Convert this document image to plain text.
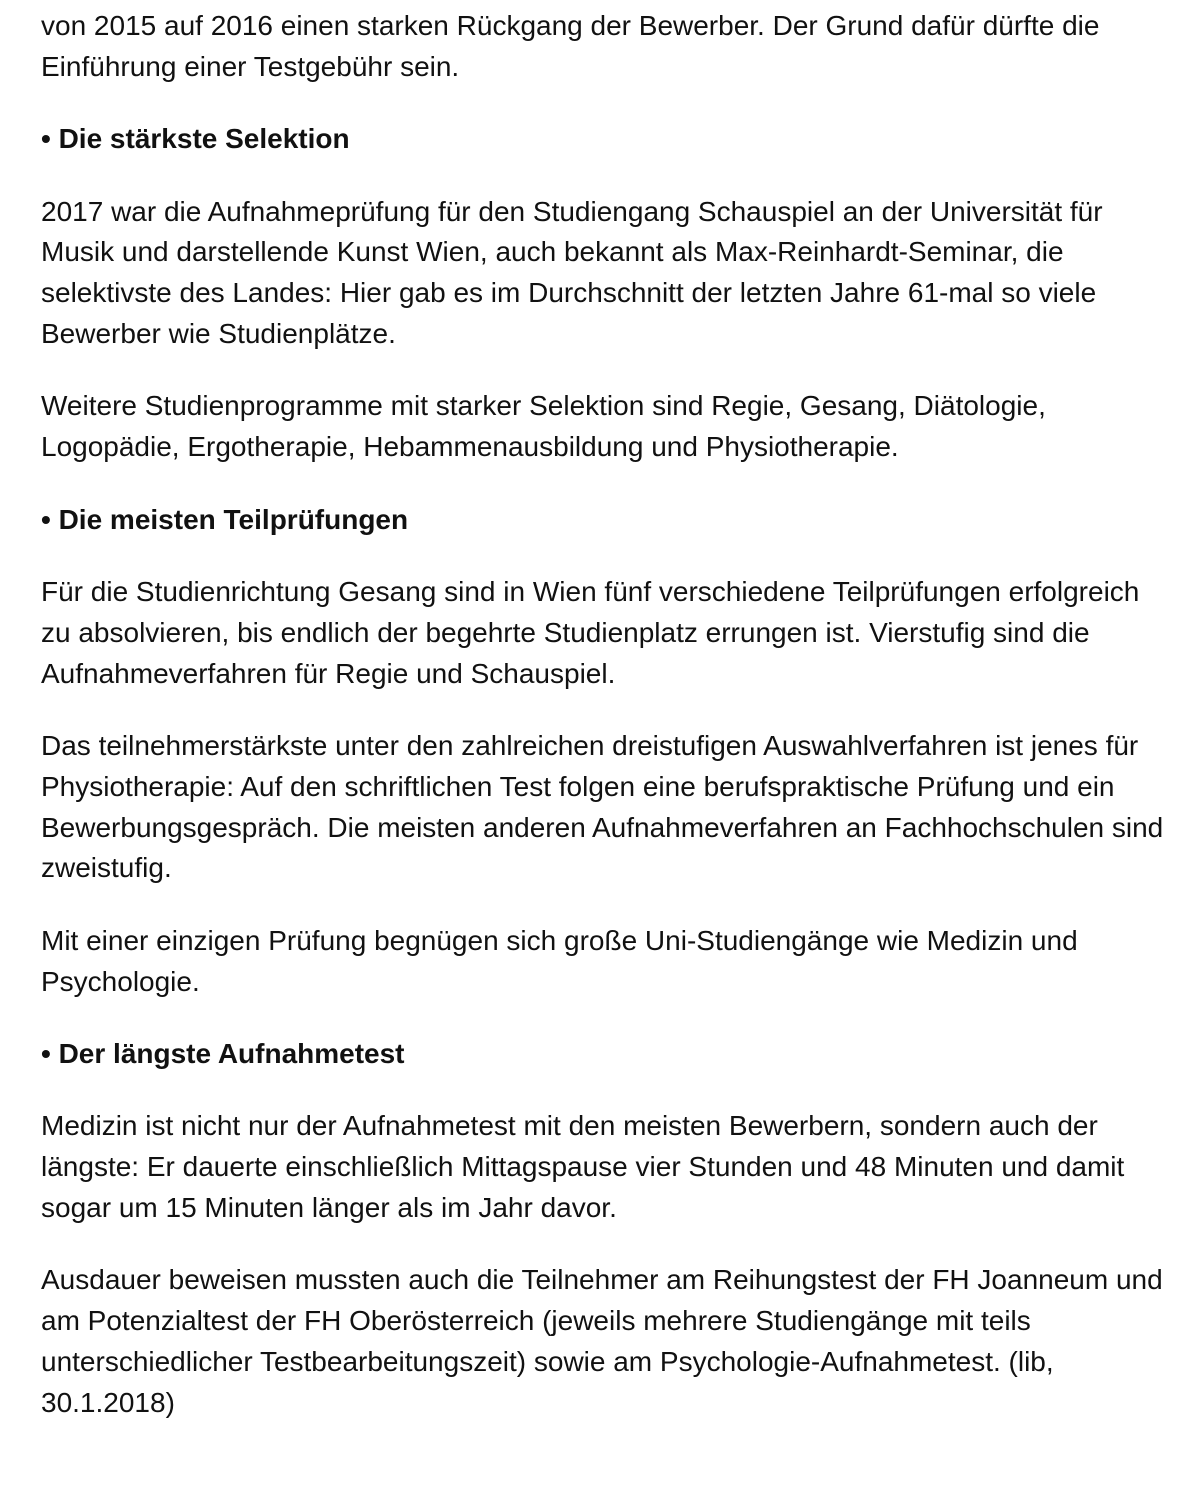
von 2015 auf 2016 einen starken Rückgang der Bewerber. Der Grund dafür dürfte die Einführung einer Testgebühr sein.

• Die stärkste Selektion

2017 war die Aufnahmeprüfung für den Studiengang Schauspiel an der Universität für Musik und darstellende Kunst Wien, auch bekannt als Max-Reinhardt-Seminar, die selektivste des Landes: Hier gab es im Durchschnitt der letzten Jahre 61-mal so viele Bewerber wie Studienplätze.

Weitere Studienprogramme mit starker Selektion sind Regie, Gesang, Diätologie, Logopädie, Ergotherapie, Hebammenausbildung und Physiotherapie.

• Die meisten Teilprüfungen

Für die Studienrichtung Gesang sind in Wien fünf verschiedene Teilprüfungen erfolgreich zu absolvieren, bis endlich der begehrte Studienplatz errungen ist. Vierstufig sind die Aufnahmeverfahren für Regie und Schauspiel.

Das teilnehmerstärkste unter den zahlreichen dreistufigen Auswahlverfahren ist jenes für Physiotherapie: Auf den schriftlichen Test folgen eine berufspraktische Prüfung und ein Bewerbungsgespräch. Die meisten anderen Aufnahmeverfahren an Fachhochschulen sind zweistufig.

Mit einer einzigen Prüfung begnügen sich große Uni-Studiengänge wie Medizin und Psychologie.

• Der längste Aufnahmetest

Medizin ist nicht nur der Aufnahmetest mit den meisten Bewerbern, sondern auch der längste: Er dauerte einschließlich Mittagspause vier Stunden und 48 Minuten und damit sogar um 15 Minuten länger als im Jahr davor.

Ausdauer beweisen mussten auch die Teilnehmer am Reihungstest der FH Joanneum und am Potenzialtest der FH Oberösterreich (jeweils mehrere Studiengänge mit teils unterschiedlicher Testbearbeitungszeit) sowie am Psychologie-Aufnahmetest. (lib, 30.1.2018)
